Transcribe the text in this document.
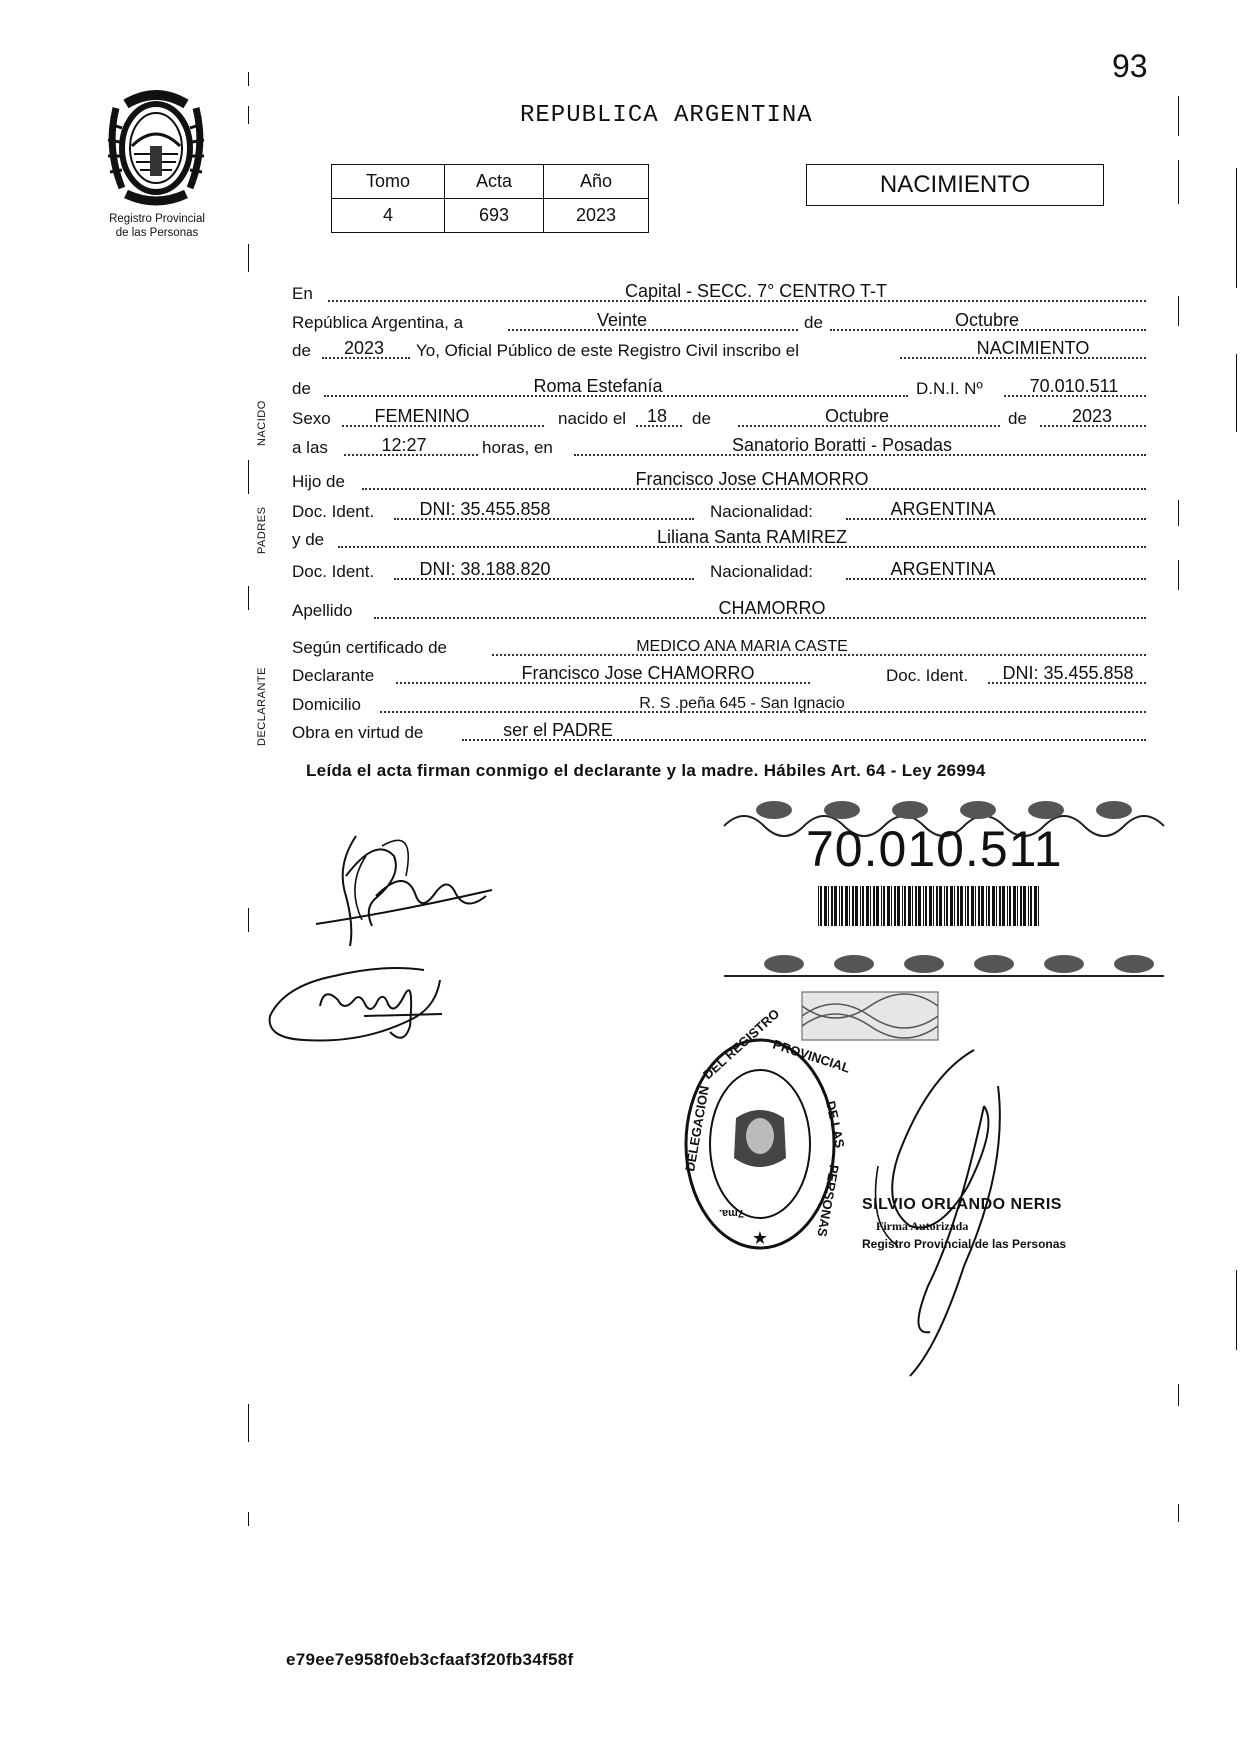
93
Registro Provincial
de las Personas
REPUBLICA ARGENTINA
Tomo	Acta	Año
4	693	2023
NACIMIENTO
NACIDO
PADRES
DECLARANTE
En	Capital - SECC. 7° CENTRO T-T
República Argentina, a	Veinte	de	Octubre
de	2023	Yo, Oficial Público de este Registro Civil inscribo el	NACIMIENTO
de	Roma Estefanía	D.N.I. Nº	70.010.511
Sexo	FEMENINO	nacido el 18 de	Octubre	de	2023
a las	12:27	horas, en	Sanatorio Boratti - Posadas
Hijo de	Francisco Jose CHAMORRO
Doc. Ident.	DNI: 35.455.858	Nacionalidad:	ARGENTINA
y de	Liliana Santa RAMIREZ
Doc. Ident.	DNI: 38.188.820	Nacionalidad:	ARGENTINA
Apellido	CHAMORRO
Según certificado de	MEDICO ANA MARIA CASTE
Declarante	Francisco Jose CHAMORRO	Doc. Ident.	DNI: 35.455.858
Domicilio	R. S .peña 645 - San Ignacio
Obra en virtud de	ser el PADRE
Leída el acta firman conmigo el declarante y la madre. Hábiles Art. 64 - Ley 26994
70.010.511
DELEGACION
DEL REGISTRO
PROVINCIAL
DE LAS
PERSONAS
7ma.
★
SILVIO ORLANDO NERIS
Firma Autorizada
Registro Provincial de las Personas
e79ee7e958f0eb3cfaaf3f20fb34f58f
